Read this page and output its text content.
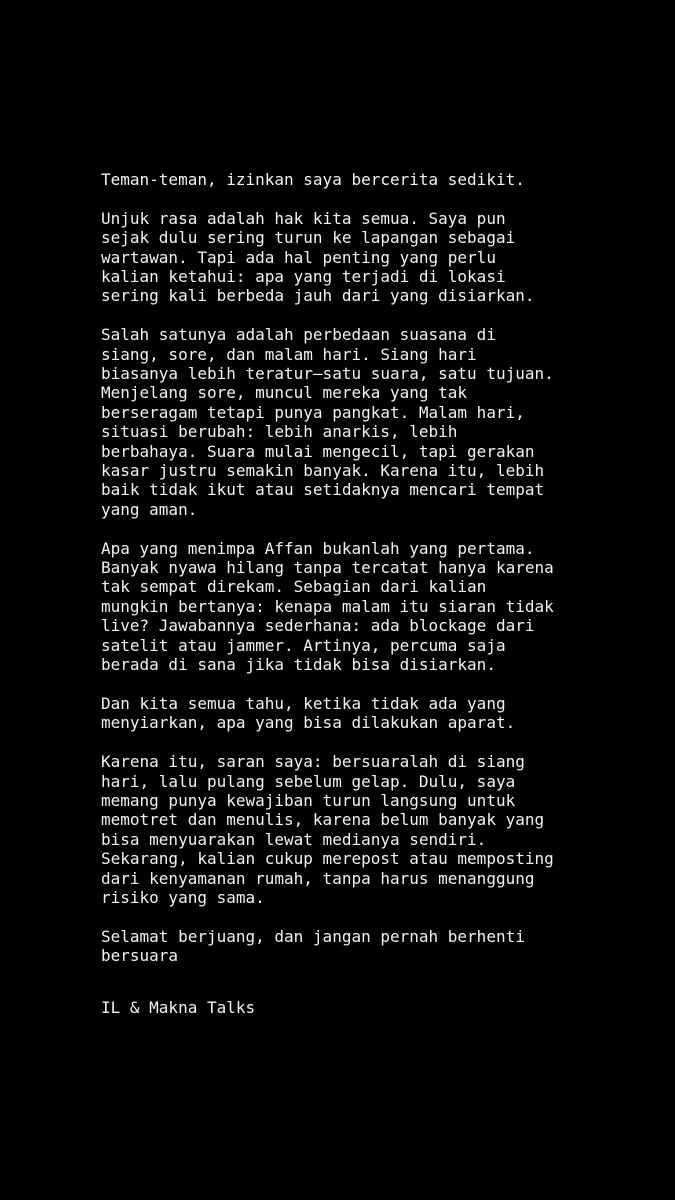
Teman-teman, izinkan saya bercerita sedikit.

Unjuk rasa adalah hak kita semua. Saya pun
sejak dulu sering turun ke lapangan sebagai
wartawan. Tapi ada hal penting yang perlu
kalian ketahui: apa yang terjadi di lokasi
sering kali berbeda jauh dari yang disiarkan.

Salah satunya adalah perbedaan suasana di
siang, sore, dan malam hari. Siang hari
biasanya lebih teratur—satu suara, satu tujuan.
Menjelang sore, muncul mereka yang tak
berseragam tetapi punya pangkat. Malam hari,
situasi berubah: lebih anarkis, lebih
berbahaya. Suara mulai mengecil, tapi gerakan
kasar justru semakin banyak. Karena itu, lebih
baik tidak ikut atau setidaknya mencari tempat
yang aman.

Apa yang menimpa Affan bukanlah yang pertama.
Banyak nyawa hilang tanpa tercatat hanya karena
tak sempat direkam. Sebagian dari kalian
mungkin bertanya: kenapa malam itu siaran tidak
live? Jawabannya sederhana: ada blockage dari
satelit atau jammer. Artinya, percuma saja
berada di sana jika tidak bisa disiarkan.

Dan kita semua tahu, ketika tidak ada yang
menyiarkan, apa yang bisa dilakukan aparat.

Karena itu, saran saya: bersuaralah di siang
hari, lalu pulang sebelum gelap. Dulu, saya
memang punya kewajiban turun langsung untuk
memotret dan menulis, karena belum banyak yang
bisa menyuarakan lewat medianya sendiri.
Sekarang, kalian cukup merepost atau memposting
dari kenyamanan rumah, tanpa harus menanggung
risiko yang sama.

Selamat berjuang, dan jangan pernah berhenti
bersuara

IL & Makna Talks
